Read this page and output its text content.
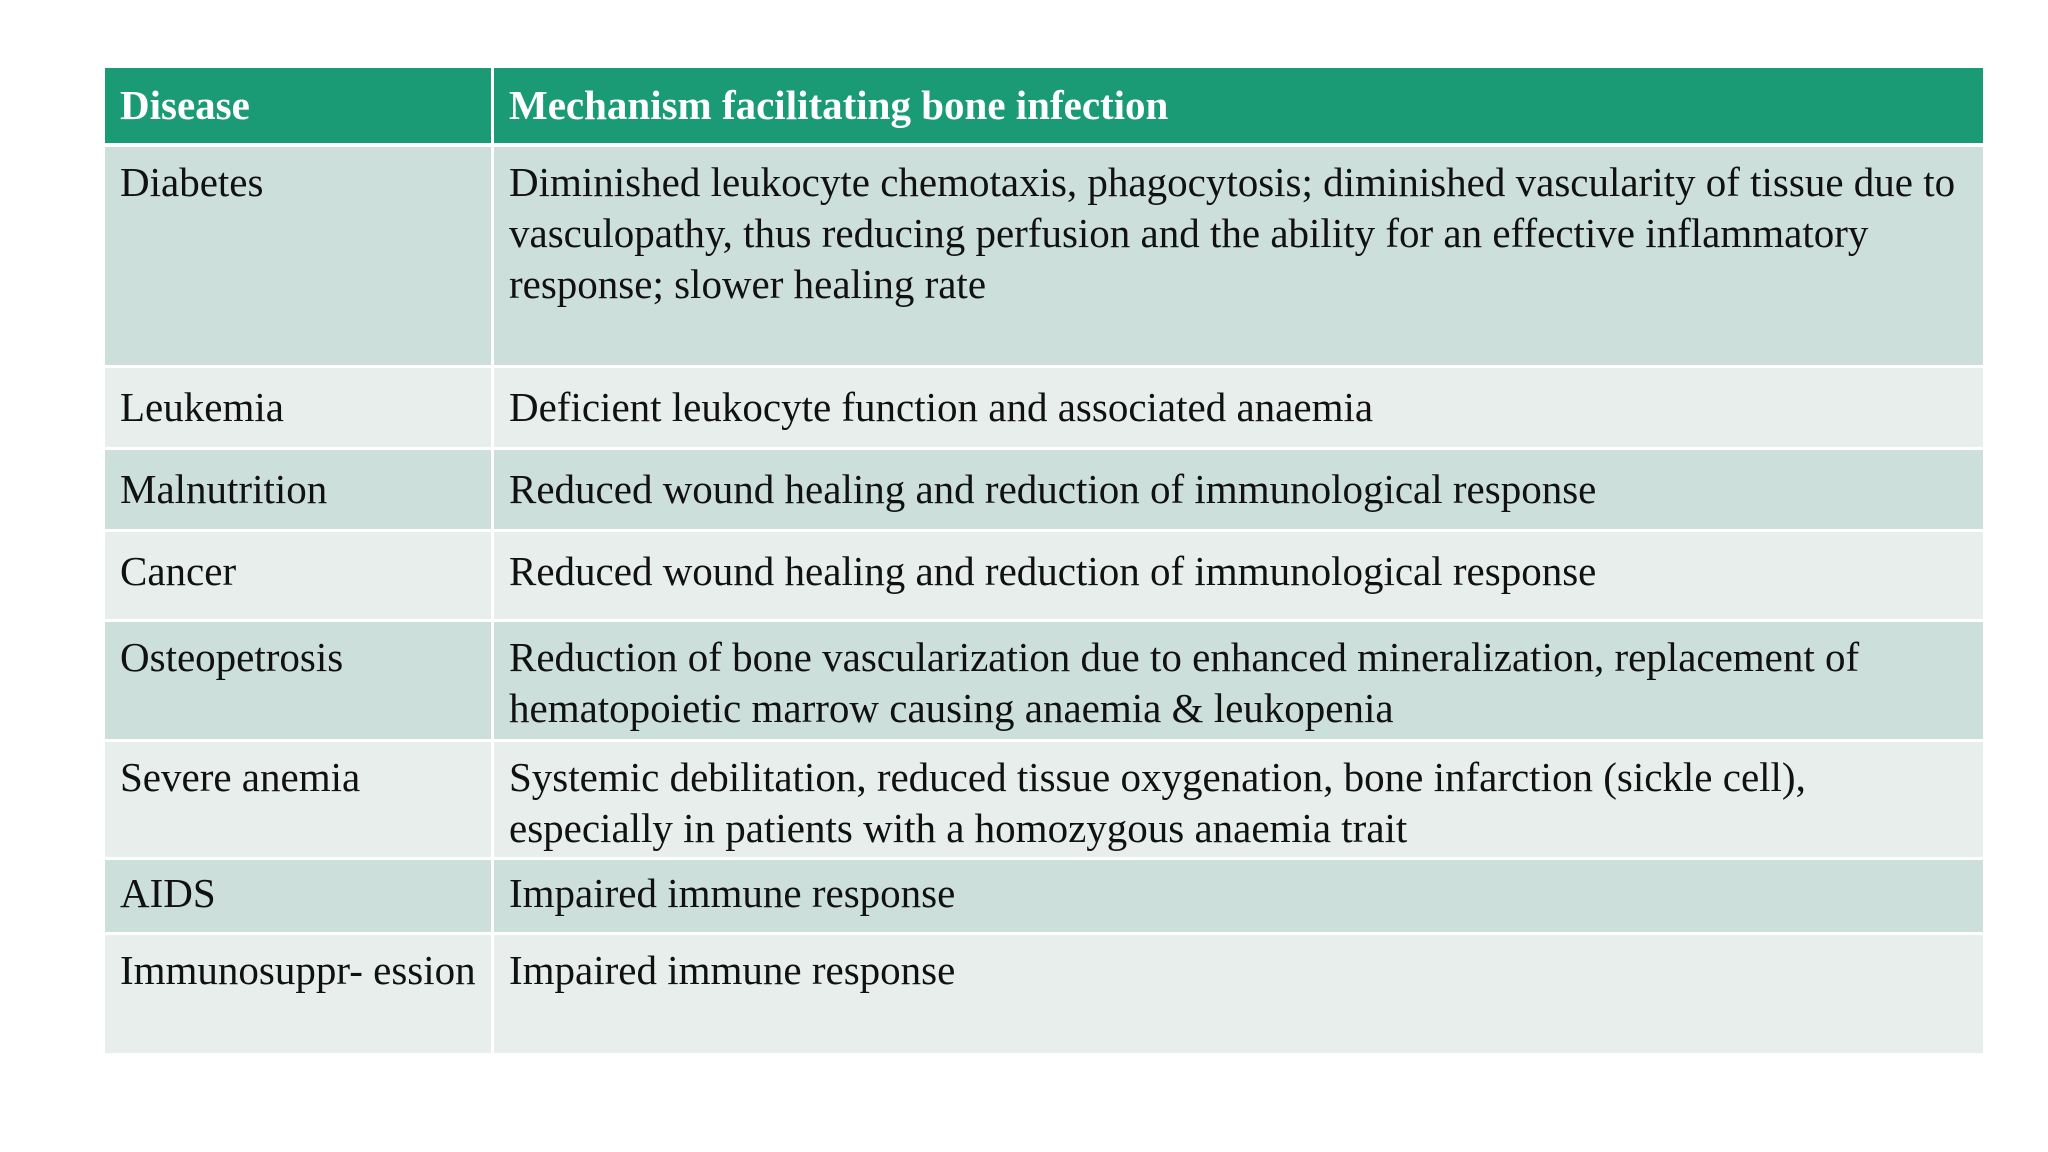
Disease	Mechanism facilitating bone infection
Diabetes	Diminished leukocyte chemotaxis, phagocytosis; diminished vascularity of tissue due to vasculopathy, thus reducing perfusion and the ability for an effective inflammatory response; slower healing rate
Leukemia	Deficient leukocyte function and associated anaemia
Malnutrition	Reduced wound healing and reduction of immunological response
Cancer	Reduced wound healing and reduction of immunological response
Osteopetrosis	Reduction of bone vascularization due to enhanced mineralization, replacement of hematopoietic marrow causing anaemia & leukopenia
Severe anemia	Systemic debilitation, reduced tissue oxygenation, bone infarction (sickle cell), especially in patients with a homozygous anaemia trait
AIDS	Impaired immune response
Immunosuppr- ession	Impaired immune response
